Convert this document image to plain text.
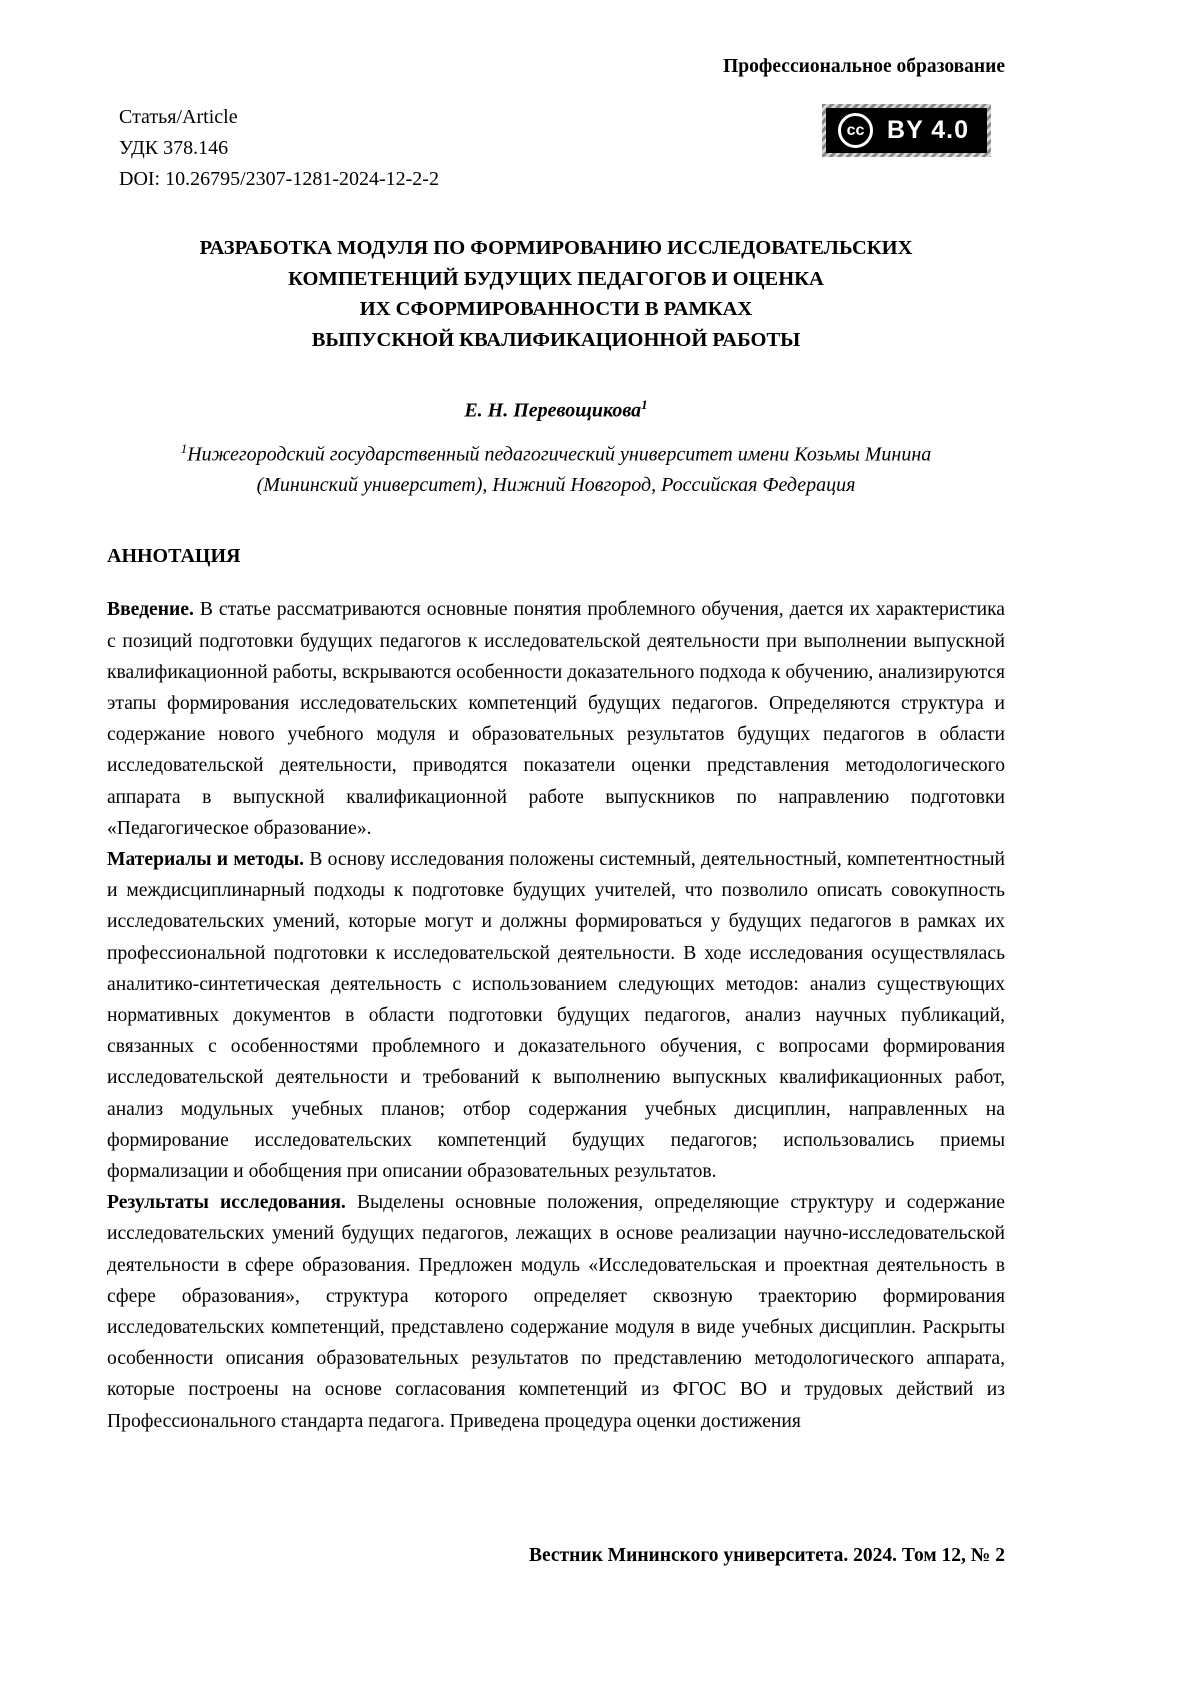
Профессиональное образование
Статья/Article
УДК 378.146
DOI: 10.26795/2307-1281-2024-12-2-2
cc BY 4.0
РАЗРАБОТКА МОДУЛЯ ПО ФОРМИРОВАНИЮ ИССЛЕДОВАТЕЛЬСКИХ
КОМПЕТЕНЦИЙ БУДУЩИХ ПЕДАГОГОВ И ОЦЕНКА
ИХ СФОРМИРОВАННОСТИ В РАМКАХ
ВЫПУСКНОЙ КВАЛИФИКАЦИОННОЙ РАБОТЫ
Е. Н. Перевощикова$^1$
$^1$Нижегородский государственный педагогический университет имени Козьмы Минина
(Мининский университет), Нижний Новгород, Российская Федерация
АННОТАЦИЯ
Введение. В статье рассматриваются основные понятия проблемного обучения, дается их характеристика с позиций подготовки будущих педагогов к исследовательской деятельности при выполнении выпускной квалификационной работы, вскрываются особенности доказательного подхода к обучению, анализируются этапы формирования исследовательских компетенций будущих педагогов. Определяются структура и содержание нового учебного модуля и образовательных результатов будущих педагогов в области исследовательской деятельности, приводятся показатели оценки представления методологического аппарата в выпускной квалификационной работе выпускников по направлению подготовки «Педагогическое образование».
Материалы и методы. В основу исследования положены системный, деятельностный, компетентностный и междисциплинарный подходы к подготовке будущих учителей, что позволило описать совокупность исследовательских умений, которые могут и должны формироваться у будущих педагогов в рамках их профессиональной подготовки к исследовательской деятельности. В ходе исследования осуществлялась аналитико-синтетическая деятельность с использованием следующих методов: анализ существующих нормативных документов в области подготовки будущих педагогов, анализ научных публикаций, связанных с особенностями проблемного и доказательного обучения, с вопросами формирования исследовательской деятельности и требований к выполнению выпускных квалификационных работ, анализ модульных учебных планов; отбор содержания учебных дисциплин, направленных на формирование исследовательских компетенций будущих педагогов; использовались приемы формализации и обобщения при описании образовательных результатов.
Результаты исследования. Выделены основные положения, определяющие структуру и содержание исследовательских умений будущих педагогов, лежащих в основе реализации научно-исследовательской деятельности в сфере образования. Предложен модуль «Исследовательская и проектная деятельность в сфере образования», структура которого определяет сквозную траекторию формирования исследовательских компетенций, представлено содержание модуля в виде учебных дисциплин. Раскрыты особенности описания образовательных результатов по представлению методологического аппарата, которые построены на основе согласования компетенций из ФГОС ВО и трудовых действий из Профессионального стандарта педагога. Приведена процедура оценки достижения
Вестник Мининского университета. 2024. Том 12, № 2
